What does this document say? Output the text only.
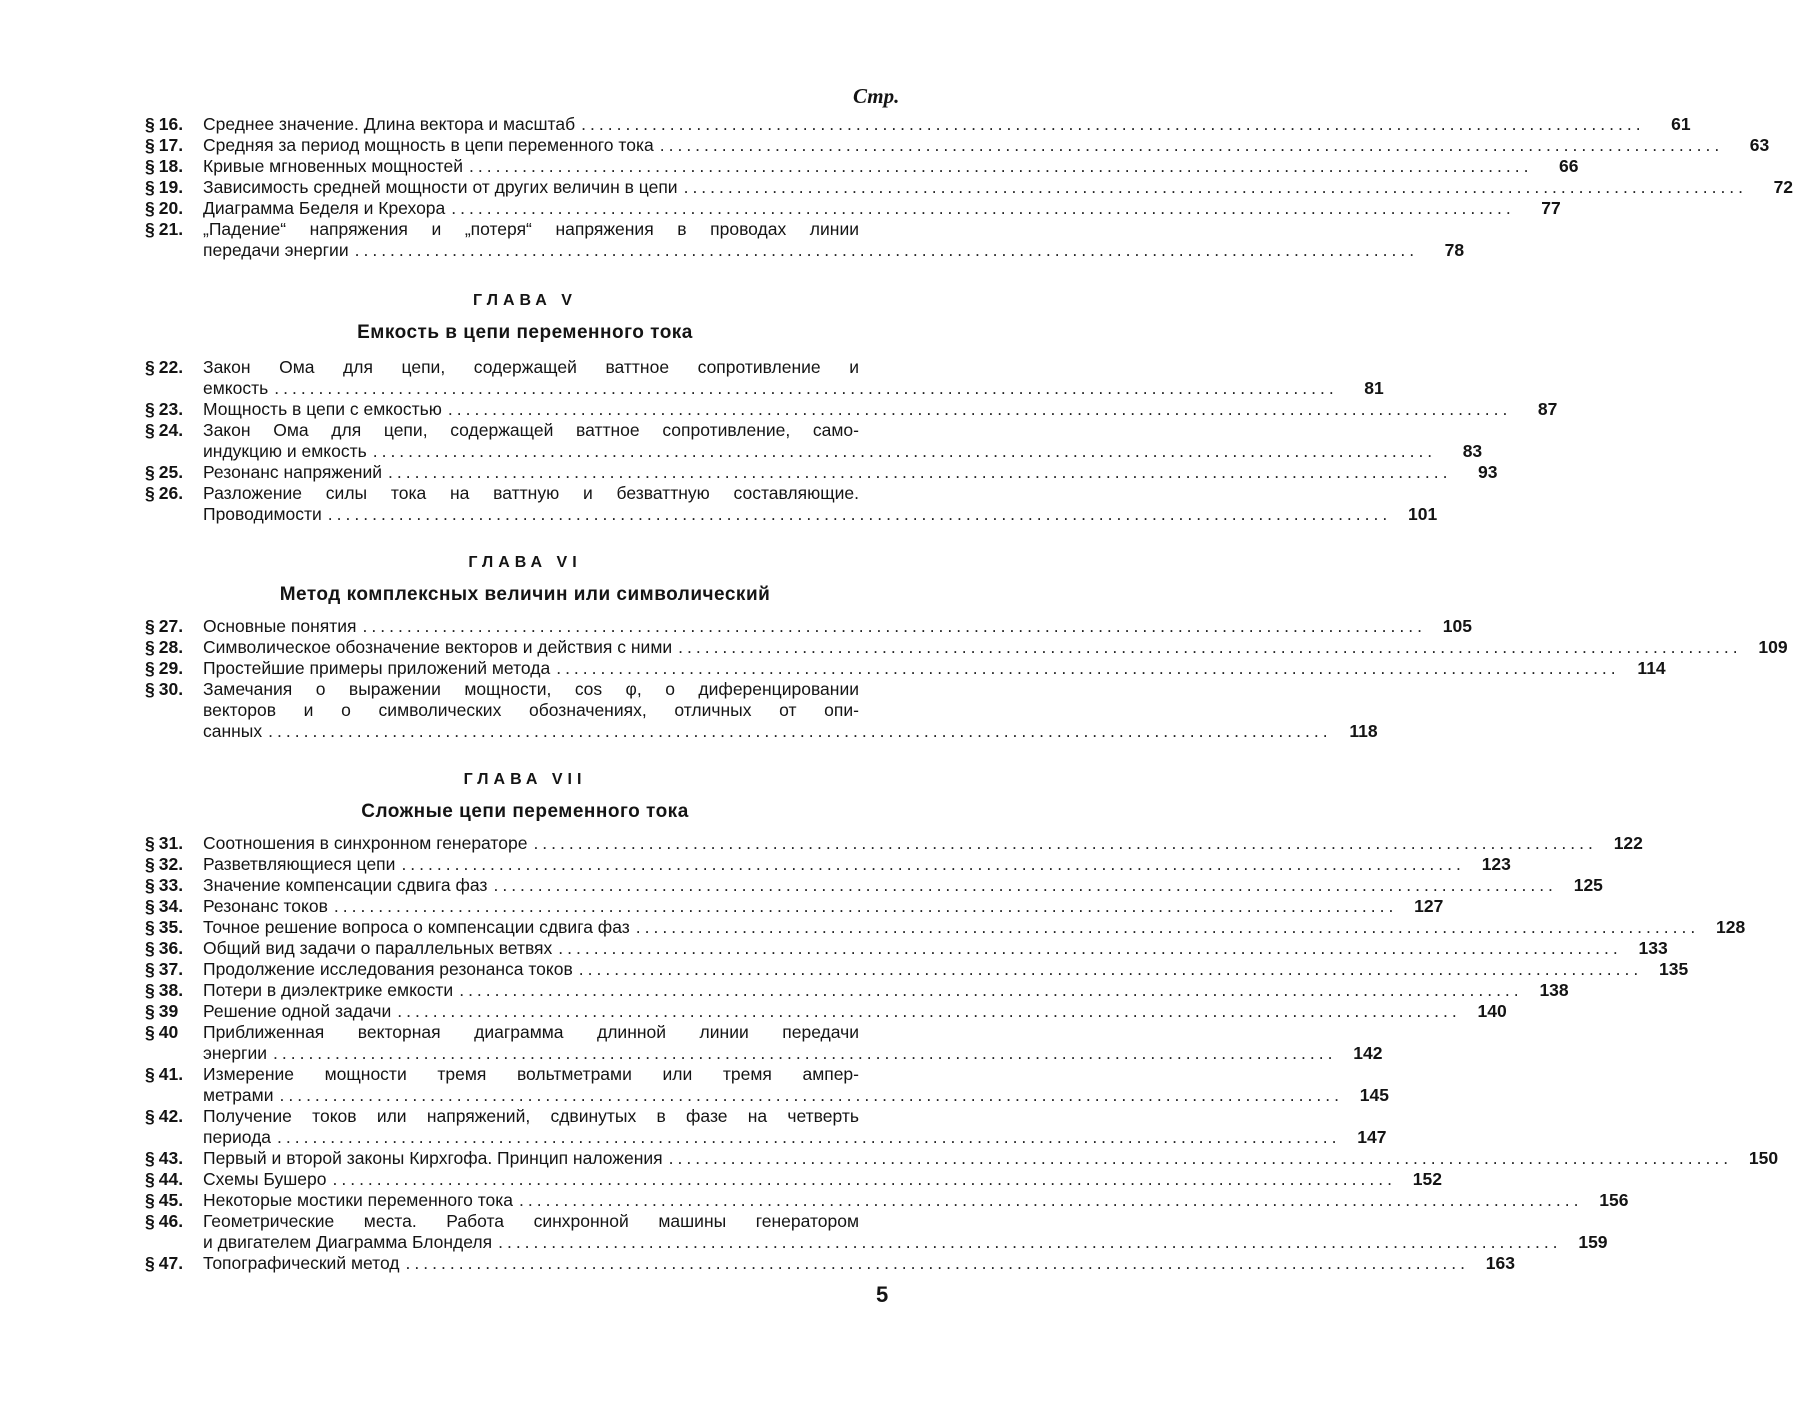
Стр.
§ 16.	Среднее значение. Длина вектора и масштаб ........................................................................................................................	61
§ 17.	Средняя за период мощность в цепи переменного тока ........................................................................................................................	63
§ 18.	Кривые мгновенных мощностей ........................................................................................................................	66
§ 19.	Зависимость средней мощности от других величин в цепи ........................................................................................................................	72
§ 20.	Диаграмма Беделя и Крехора ........................................................................................................................	77
§ 21.	„Падение“ напряжения и „потеря“ напряжения в проводах линии
передачи энергии ........................................................................................................................	78
ГЛАВА V
Емкость в цепи переменного тока
§ 22.	Закон Ома для цепи, содержащей ваттное сопротивление и
емкость ........................................................................................................................	81
§ 23.	Мощность в цепи с емкостью ........................................................................................................................	87
§ 24.	Закон Ома для цепи, содержащей ваттное сопротивление, само-
индукцию и емкость ........................................................................................................................	83
§ 25.	Резонанс напряжений ........................................................................................................................	93
§ 26.	Разложение силы тока на ваттную и безваттную составляющие.
Проводимости ........................................................................................................................ 101
ГЛАВА VI
Метод комплексных величин или символический
§ 27.	Основные понятия ........................................................................................................................ 105
§ 28.	Символическое обозначение векторов и действия с ними ........................................................................................................................ 109
§ 29.	Простейшие примеры приложений метода ........................................................................................................................	114
§ 30.	Замечания о выражении мощности, cos φ, о диференцировании
векторов и о символических обозначениях, отличных от опи-
санных ........................................................................................................................	118
ГЛАВА VII
Сложные цепи переменного тока
§ 31.	Соотношения в синхронном генераторе ........................................................................................................................ 122
§ 32.	Разветвляющиеся цепи ........................................................................................................................ 123
§ 33.	Значение компенсации сдвига фаз ........................................................................................................................ 125
§ 34.	Резонанс токов ........................................................................................................................ 127
§ 35.	Точное решение вопроса о компенсации сдвига фаз ........................................................................................................................ 128
§ 36.	Общий вид задачи о параллельных ветвях ........................................................................................................................ 133
§ 37.	Продолжение исследования резонанса токов ........................................................................................................................ 135
§ 38.	Потери в диэлектрике емкости ........................................................................................................................ 138
§ 39	Решение одной задачи ........................................................................................................................ 140
§ 40	Приближенная векторная диаграмма длинной линии передачи
энергии ........................................................................................................................ 142
§ 41.	Измерение мощности тремя вольтметрами или тремя ампер-
метрами ........................................................................................................................ 145
§ 42.	Получение токов или напряжений, сдвинутых в фазе на четверть
периода ........................................................................................................................ 147
§ 43.	Первый и второй законы Кирхгофа. Принцип наложения ........................................................................................................................ 150
§ 44.	Схемы Бушеро ........................................................................................................................ 152
§ 45.	Некоторые мостики переменного тока ........................................................................................................................ 156
§ 46.	Геометрические места. Работа синхронной машины генератором
и двигателем Диаграмма Блонделя ........................................................................................................................ 159
§ 47.	Топографический метод ........................................................................................................................ 163
5
